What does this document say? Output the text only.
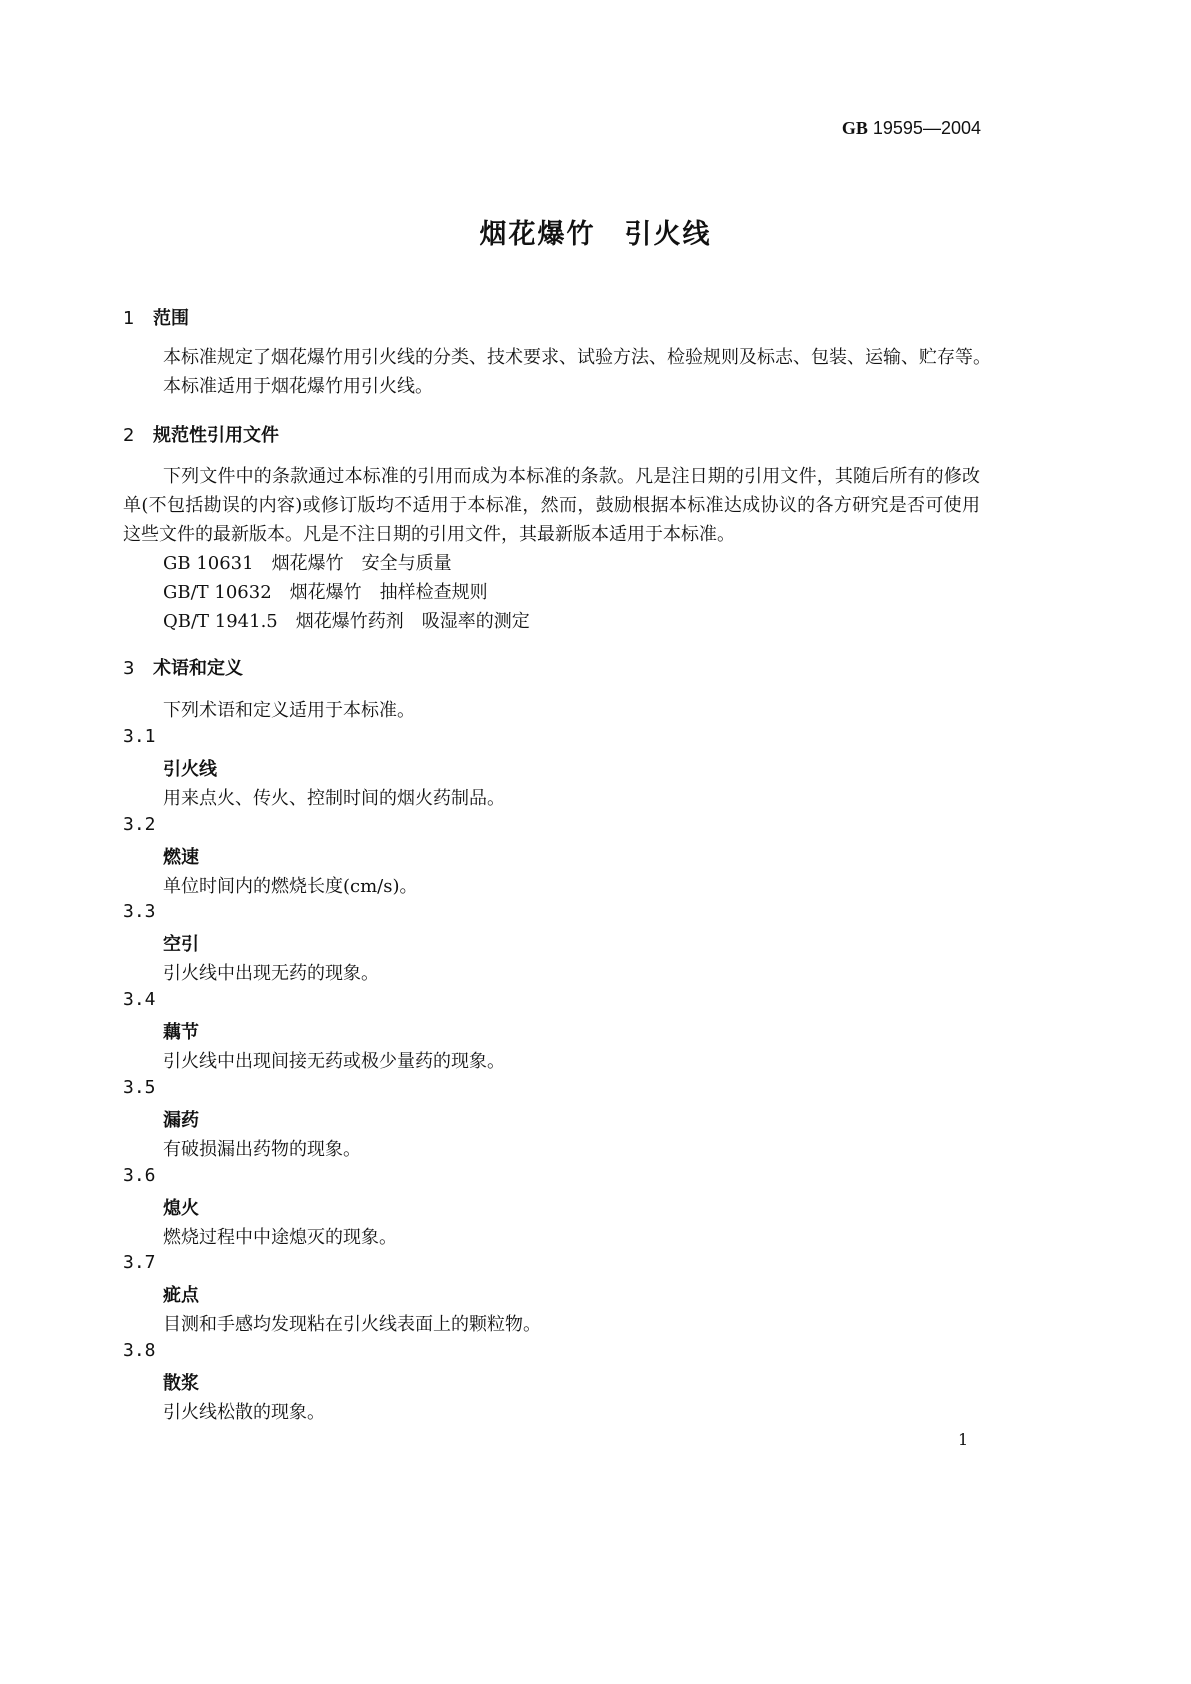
GB 19595—2004
烟花爆竹　引火线
1 范围
本标准规定了烟花爆竹用引火线的分类、技术要求、试验方法、检验规则及标志、包装、运输、贮存等。
本标准适用于烟花爆竹用引火线。
2 规范性引用文件
下列文件中的条款通过本标准的引用而成为本标准的条款。凡是注日期的引用文件，其随后所有的修改单(不包括勘误的内容)或修订版均不适用于本标准，然而，鼓励根据本标准达成协议的各方研究是否可使用这些文件的最新版本。凡是不注日期的引用文件，其最新版本适用于本标准。
GB 10631 烟花爆竹 安全与质量
GB/T 10632 烟花爆竹 抽样检查规则
QB/T 1941.5 烟花爆竹药剂 吸湿率的测定
3 术语和定义
下列术语和定义适用于本标准。
3.1
引火线
用来点火、传火、控制时间的烟火药制品。
3.2
燃速
单位时间内的燃烧长度(cm/s)。
3.3
空引
引火线中出现无药的现象。
3.4
藕节
引火线中出现间接无药或极少量药的现象。
3.5
漏药
有破损漏出药物的现象。
3.6
熄火
燃烧过程中中途熄灭的现象。
3.7
疵点
目测和手感均发现粘在引火线表面上的颗粒物。
3.8
散浆
引火线松散的现象。
1
